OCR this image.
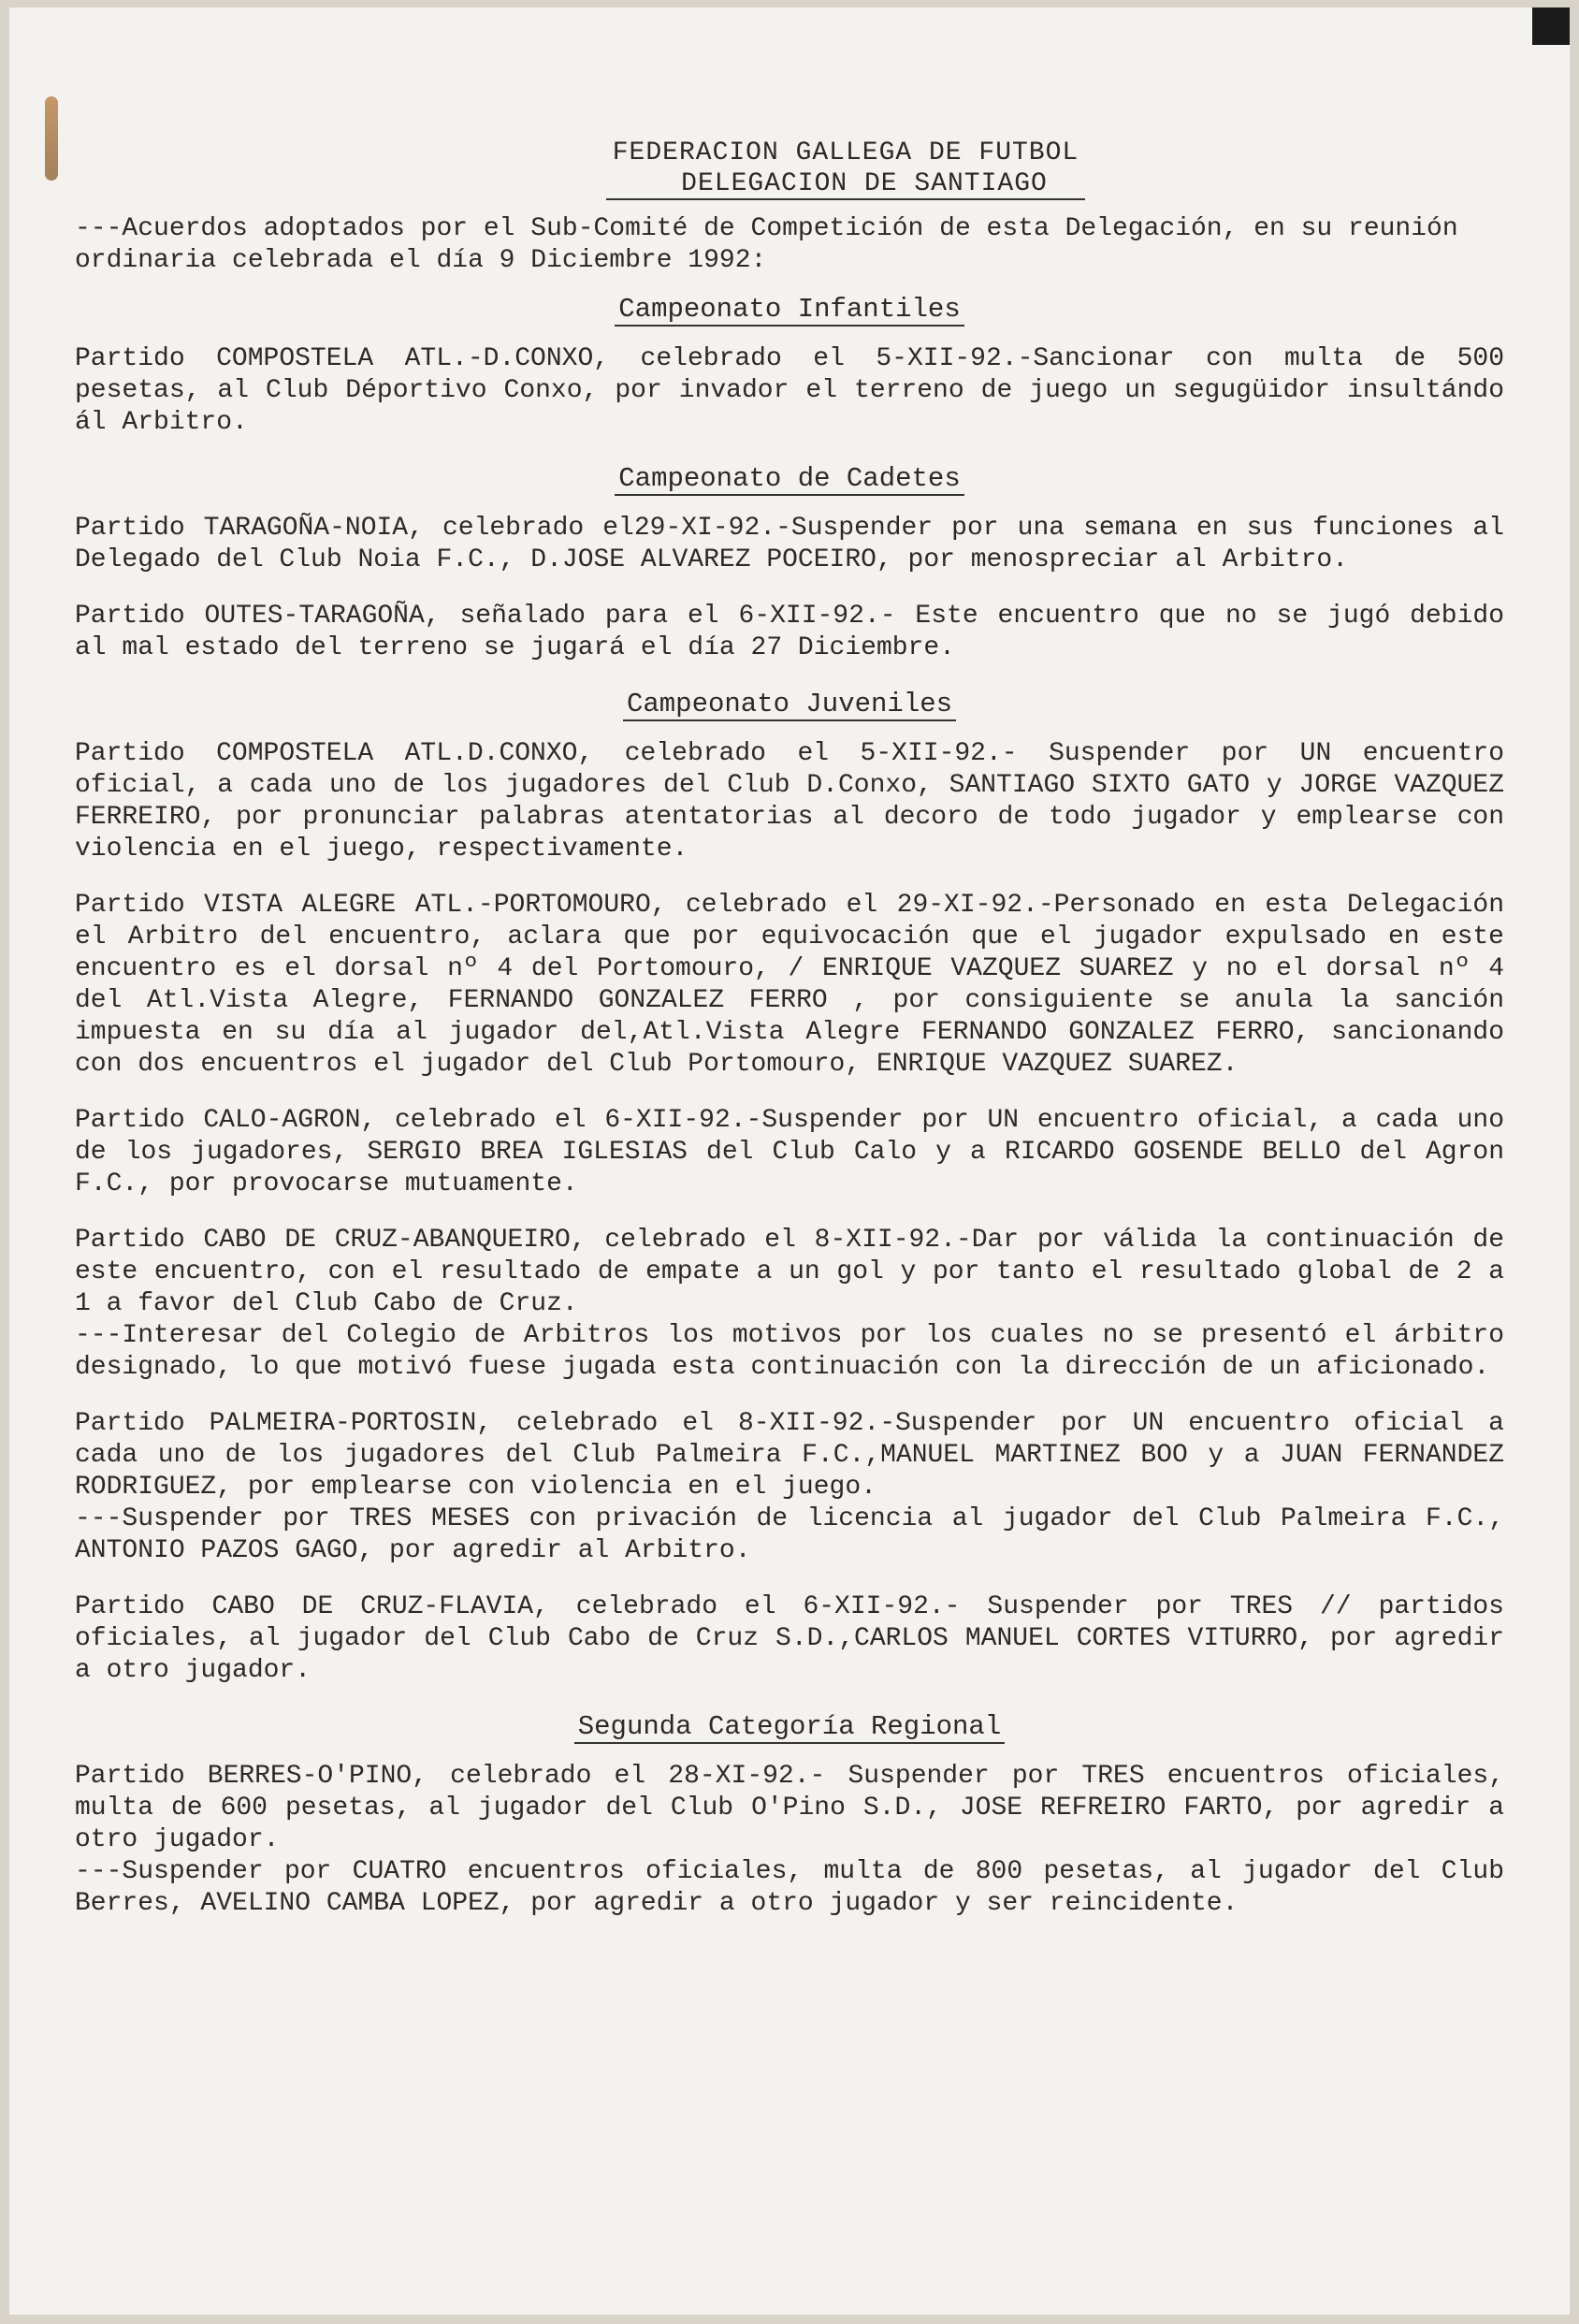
FEDERACION GALLEGA DE FUTBOL

DELEGACION DE SANTIAGO

---Acuerdos adoptados por el Sub-Comité de Competición de esta Delegación, en su reunión ordinaria celebrada el día 9 Diciembre 1992:

Campeonato Infantiles

Partido COMPOSTELA ATL.-D.CONXO, celebrado el 5-XII-92.-Sancionar con multa de 500 pesetas, al Club Déportivo Conxo, por invador el terreno de juego un segugüidor insultándo ál Arbitro.

Campeonato de Cadetes

Partido TARAGOÑA-NOIA, celebrado el29-XI-92.-Suspender por una semana en sus funciones al Delegado del Club Noia F.C., D.JOSE ALVAREZ POCEIRO, por menospreciar al Arbitro.

Partido OUTES-TARAGOÑA, señalado para el 6-XII-92.- Este encuentro que no se jugó debido al mal estado del terreno se jugará el día 27 Diciembre.

Campeonato Juveniles

Partido COMPOSTELA ATL.D.CONXO, celebrado el 5-XII-92.- Suspender por UN encuentro oficial, a cada uno de los jugadores del Club D.Conxo, SANTIAGO SIXTO GATO y JORGE VAZQUEZ FERREIRO, por pronunciar palabras atentatorias al decoro de todo jugador y emplearse con violencia en el juego, respectivamente.

Partido VISTA ALEGRE ATL.-PORTOMOURO, celebrado el 29-XI-92.-Personado en esta Delegación el Arbitro del encuentro, aclara que por equivocación que el jugador expulsado en este encuentro es el dorsal nº 4 del Portomouro, / ENRIQUE VAZQUEZ SUAREZ y no el dorsal nº 4 del Atl.Vista Alegre, FERNANDO GONZALEZ FERRO , por consiguiente se anula la sanción impuesta en su día al jugador del,Atl.Vista Alegre FERNANDO GONZALEZ FERRO, sancionando con dos encuentros el jugador del Club Portomouro, ENRIQUE VAZQUEZ SUAREZ.

Partido CALO-AGRON, celebrado el 6-XII-92.-Suspender por UN encuentro oficial, a cada uno de los jugadores, SERGIO BREA IGLESIAS del Club Calo y a RICARDO GOSENDE BELLO del Agron F.C., por provocarse mutuamente.

Partido CABO DE CRUZ-ABANQUEIRO, celebrado el 8-XII-92.-Dar por válida la continuación de este encuentro, con el resultado de empate a un gol y por tanto el resultado global de 2 a 1 a favor del Club Cabo de Cruz.
---Interesar del Colegio de Arbitros los motivos por los cuales no se presentó el árbitro designado, lo que motivó fuese jugada esta continuación con la dirección de un aficionado.

Partido PALMEIRA-PORTOSIN, celebrado el 8-XII-92.-Suspender por UN encuentro oficial a cada uno de los jugadores del Club Palmeira F.C.,MANUEL MARTINEZ BOO y a JUAN FERNANDEZ RODRIGUEZ, por emplearse con violencia en el juego.
---Suspender por TRES MESES con privación de licencia al jugador del Club Palmeira F.C., ANTONIO PAZOS GAGO, por agredir al Arbitro.

Partido CABO DE CRUZ-FLAVIA, celebrado el 6-XII-92.- Suspender por TRES // partidos oficiales, al jugador del Club Cabo de Cruz S.D.,CARLOS MANUEL CORTES VITURRO, por agredir a otro jugador.

Segunda Categoría Regional

Partido BERRES-O'PINO, celebrado el 28-XI-92.- Suspender por TRES encuentros oficiales, multa de 600 pesetas, al jugador del Club O'Pino S.D., JOSE REFREIRO FARTO, por agredir a otro jugador.
---Suspender por CUATRO encuentros oficiales, multa de 800 pesetas, al jugador del Club Berres, AVELINO CAMBA LOPEZ, por agredir a otro jugador y ser reincidente.
